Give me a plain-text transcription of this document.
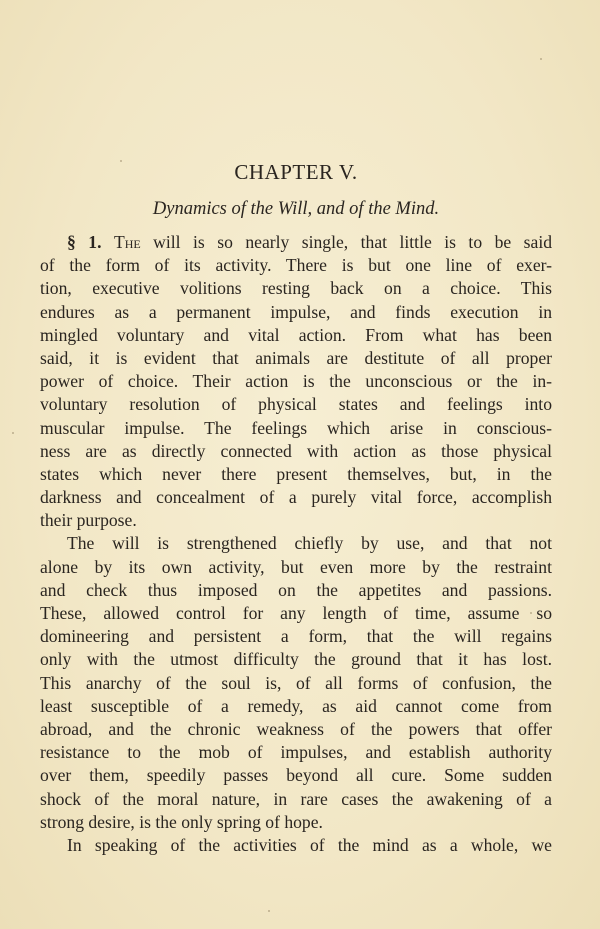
CHAPTER V.
Dynamics of the Will, and of the Mind.
§ 1. The will is so nearly single, that little is to be said
of the form of its activity. There is but one line of exer-
tion, executive volitions resting back on a choice. This
endures as a permanent impulse, and finds execution in
mingled voluntary and vital action. From what has been
said, it is evident that animals are destitute of all proper
power of choice. Their action is the unconscious or the in-
voluntary resolution of physical states and feelings into
muscular impulse. The feelings which arise in conscious-
ness are as directly connected with action as those physical
states which never there present themselves, but, in the
darkness and concealment of a purely vital force, accomplish
their purpose.
The will is strengthened chiefly by use, and that not
alone by its own activity, but even more by the restraint
and check thus imposed on the appetites and passions.
These, allowed control for any length of time, assume so
domineering and persistent a form, that the will regains
only with the utmost difficulty the ground that it has lost.
This anarchy of the soul is, of all forms of confusion, the
least susceptible of a remedy, as aid cannot come from
abroad, and the chronic weakness of the powers that offer
resistance to the mob of impulses, and establish authority
over them, speedily passes beyond all cure. Some sudden
shock of the moral nature, in rare cases the awakening of a
strong desire, is the only spring of hope.
In speaking of the activities of the mind as a whole, we
